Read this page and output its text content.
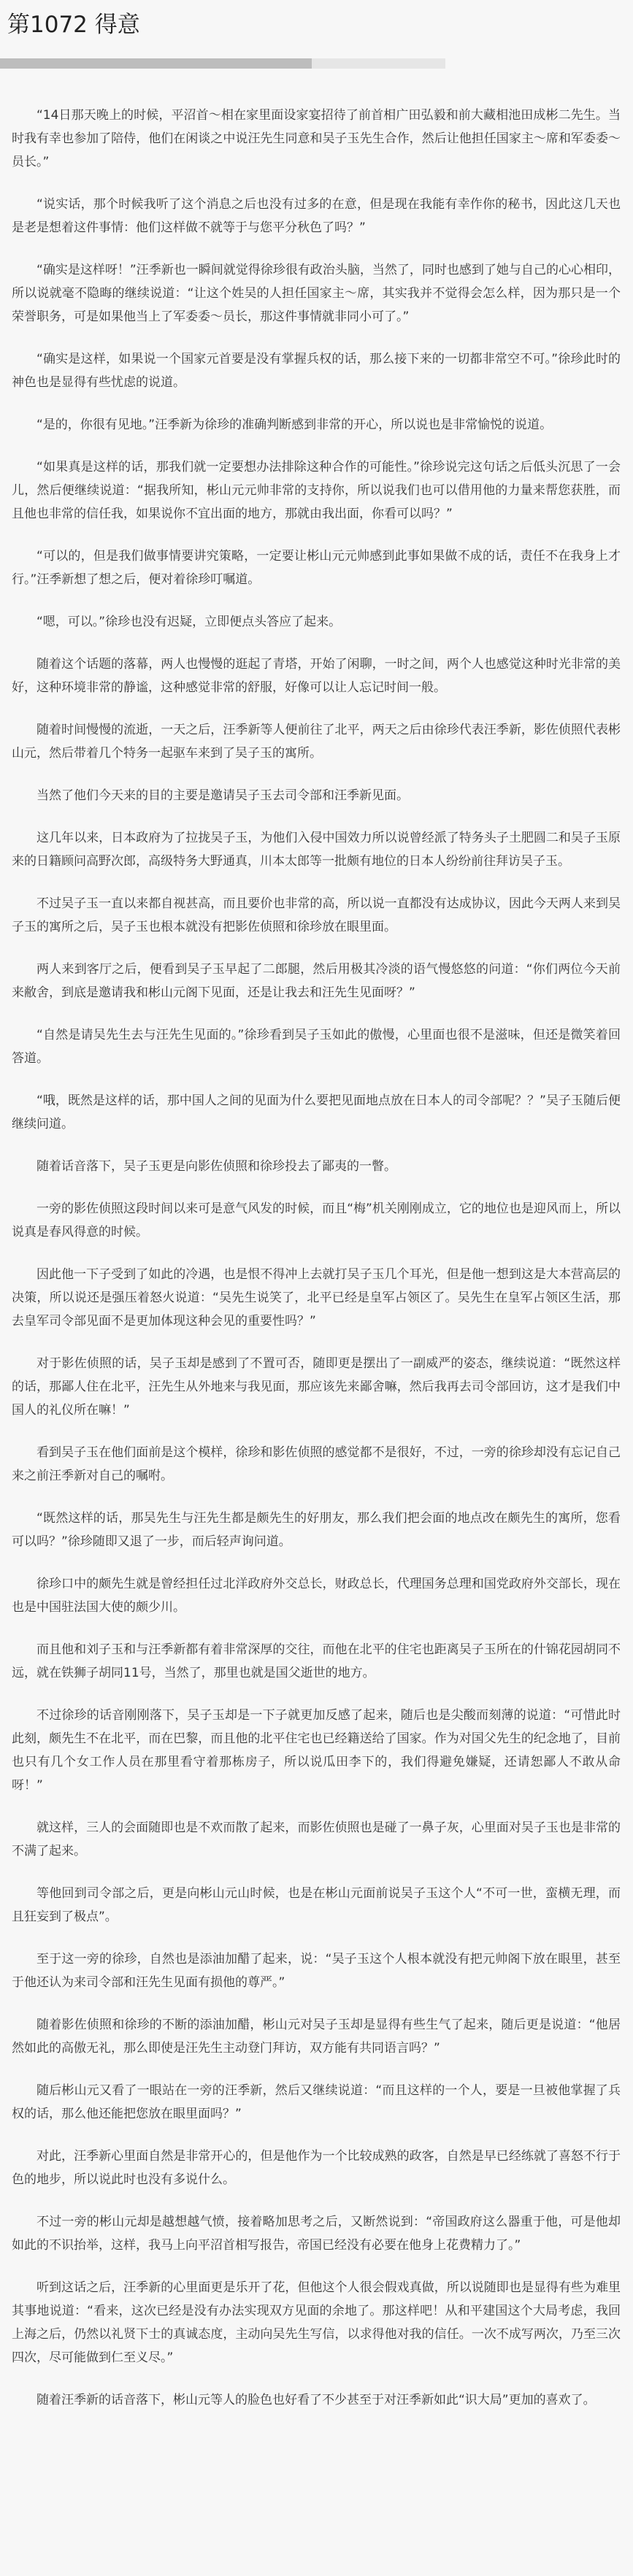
第1072 得意

“14日那天晚上的时候，平沼首～相在家里面设家宴招待了前首相广田弘毅和前大藏相池田成彬二先生。当时我有幸也参加了陪侍，他们在闲谈之中说汪先生同意和吴子玉先生合作，然后让他担任国家主～席和军委委～员长。”

“说实话，那个时候我听了这个消息之后也没有过多的在意，但是现在我能有幸作你的秘书，因此这几天也是老是想着这件事情：他们这样做不就等于与您平分秋色了吗？”

“确实是这样呀！”汪季新也一瞬间就觉得徐珍很有政治头脑，当然了，同时也感到了她与自己的心心相印，所以说就毫不隐晦的继续说道：“让这个姓吴的人担任国家主～席，其实我并不觉得会怎么样，因为那只是一个荣誉职务，可是如果他当上了军委委～员长，那这件事情就非同小可了。”

“确实是这样，如果说一个国家元首要是没有掌握兵权的话，那么接下来的一切都非常空不可。”徐珍此时的神色也是显得有些忧虑的说道。

“是的，你很有见地。”汪季新为徐珍的准确判断感到非常的开心，所以说也是非常愉悦的说道。

“如果真是这样的话，那我们就一定要想办法排除这种合作的可能性。”徐珍说完这句话之后低头沉思了一会儿，然后便继续说道：“据我所知，彬山元元帅非常的支持你，所以说我们也可以借用他的力量来帮您获胜，而且他也非常的信任我，如果说你不宜出面的地方，那就由我出面，你看可以吗？”

“可以的，但是我们做事情要讲究策略，一定要让彬山元元帅感到此事如果做不成的话，责任不在我身上才行。”汪季新想了想之后，便对着徐珍叮嘱道。

“嗯，可以。”徐珍也没有迟疑，立即便点头答应了起来。

随着这个话题的落幕，两人也慢慢的逛起了青塔，开始了闲聊，一时之间，两个人也感觉这种时光非常的美好，这种环境非常的静谧，这种感觉非常的舒服，好像可以让人忘记时间一般。

随着时间慢慢的流逝，一天之后，汪季新等人便前往了北平，两天之后由徐珍代表汪季新，影佐侦照代表彬山元，然后带着几个特务一起驱车来到了吴子玉的寓所。

当然了他们今天来的目的主要是邀请吴子玉去司令部和汪季新见面。

这几年以来，日本政府为了拉拢吴子玉，为他们入侵中国效力所以说曾经派了特务头子土肥圆二和吴子玉原来的日籍顾问高野次郎，高级特务大野通真，川本太郎等一批颇有地位的日本人纷纷前往拜访吴子玉。

不过吴子玉一直以来都自视甚高，而且要价也非常的高，所以说一直都没有达成协议，因此今天两人来到吴子玉的寓所之后，吴子玉也根本就没有把影佐侦照和徐珍放在眼里面。

两人来到客厅之后，便看到吴子玉早起了二郎腿，然后用极其冷淡的语气慢悠悠的问道：“你们两位今天前来敝舍，到底是邀请我和彬山元阁下见面，还是让我去和汪先生见面呀？”

“自然是请吴先生去与汪先生见面的。”徐珍看到吴子玉如此的傲慢，心里面也很不是滋味，但还是微笑着回答道。

“哦，既然是这样的话，那中国人之间的见面为什么要把见面地点放在日本人的司令部呢？？”吴子玉随后便继续问道。

随着话音落下，吴子玉更是向影佐侦照和徐珍投去了鄙夷的一瞥。

一旁的影佐侦照这段时间以来可是意气风发的时候，而且“梅”机关刚刚成立，它的地位也是迎风而上，所以说真是春风得意的时候。

因此他一下子受到了如此的冷遇，也是恨不得冲上去就打吴子玉几个耳光，但是他一想到这是大本营高层的决策，所以说还是强压着怒火说道：“吴先生说笑了，北平已经是皇军占领区了。吴先生在皇军占领区生活，那去皇军司令部见面不是更加体现这种会见的重要性吗？”

对于影佐侦照的话，吴子玉却是感到了不置可否，随即更是摆出了一副威严的姿态，继续说道：“既然这样的话，那鄙人住在北平，汪先生从外地来与我见面，那应该先来鄙舍嘛，然后我再去司令部回访，这才是我们中国人的礼仪所在嘛！”

看到吴子玉在他们面前是这个模样，徐珍和影佐侦照的感觉都不是很好，不过，一旁的徐珍却没有忘记自己来之前汪季新对自己的嘱咐。

“既然这样的话，那吴先生与汪先生都是颇先生的好朋友，那么我们把会面的地点改在颇先生的寓所，您看可以吗？”徐珍随即又退了一步，而后轻声询问道。

徐珍口中的颇先生就是曾经担任过北洋政府外交总长，财政总长，代理国务总理和国党政府外交部长，现在也是中国驻法国大使的颇少川。

而且他和刘子玉和与汪季新都有着非常深厚的交往，而他在北平的住宅也距离吴子玉所在的什锦花园胡同不远，就在铁狮子胡同11号，当然了，那里也就是国父逝世的地方。

不过徐珍的话音刚刚落下，吴子玉却是一下子就更加反感了起来，随后也是尖酸而刻薄的说道：“可惜此时此刻，颇先生不在北平，而在巴黎，而且他的北平住宅也已经籍送给了国家。作为对国父先生的纪念地了，目前也只有几个女工作人员在那里看守着那栋房子，所以说瓜田李下的，我们得避免嫌疑，还请恕鄙人不敢从命呀！”

就这样，三人的会面随即也是不欢而散了起来，而影佐侦照也是碰了一鼻子灰，心里面对吴子玉也是非常的不满了起来。

等他回到司令部之后，更是向彬山元山时候，也是在彬山元面前说吴子玉这个人“不可一世，蛮横无理，而且狂妄到了极点”。

至于这一旁的徐珍，自然也是添油加醋了起来，说：“吴子玉这个人根本就没有把元帅阁下放在眼里，甚至于他还认为来司令部和汪先生见面有损他的尊严。”

随着影佐侦照和徐珍的不断的添油加醋，彬山元对吴子玉却是显得有些生气了起来，随后更是说道：“他居然如此的高傲无礼，那么即使是汪先生主动登门拜访，双方能有共同语言吗？”

随后彬山元又看了一眼站在一旁的汪季新，然后又继续说道：“而且这样的一个人，要是一旦被他掌握了兵权的话，那么他还能把您放在眼里面吗？”

对此，汪季新心里面自然是非常开心的，但是他作为一个比较成熟的政客，自然是早已经练就了喜怒不行于色的地步，所以说此时也没有多说什么。

不过一旁的彬山元却是越想越气愤，接着略加思考之后，又断然说到：“帝国政府这么器重于他，可是他却如此的不识抬举，这样，我马上向平沼首相写报告，帝国已经没有必要在他身上花费精力了。”

听到这话之后，汪季新的心里面更是乐开了花，但他这个人很会假戏真做，所以说随即也是显得有些为难里其事地说道：“看来，这次已经是没有办法实现双方见面的余地了。那这样吧！从和平建国这个大局考虑，我回上海之后，仍然以礼贤下士的真诚态度，主动向吴先生写信，以求得他对我的信任。一次不成写两次，乃至三次四次，尽可能做到仁至义尽。”

随着汪季新的话音落下，彬山元等人的脸色也好看了不少甚至于对汪季新如此“识大局”更加的喜欢了。
